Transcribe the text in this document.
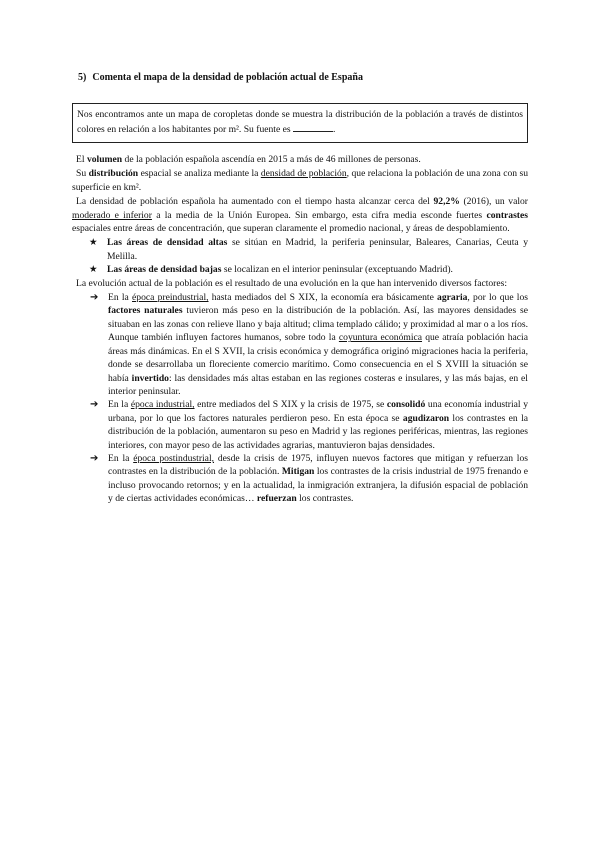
5) Comenta el mapa de la densidad de población actual de España
Nos encontramos ante un mapa de coropletas donde se muestra la distribución de la población a través de distintos colores en relación a los habitantes por m². Su fuente es	.

El volumen de la población española ascendía en 2015 a más de 46 millones de personas.

Su distribución espacial se analiza mediante la densidad de población, que relaciona la población de una zona con su superficie en km².

La densidad de población española ha aumentado con el tiempo hasta alcanzar cerca del 92,2% (2016), un valor moderado e inferior a la media de la Unión Europea. Sin embargo, esta cifra media esconde fuertes contrastes espaciales entre áreas de concentración, que superan claramente el promedio nacional, y áreas de despoblamiento.

★ Las áreas de densidad altas se sitúan en Madrid, la periferia peninsular, Baleares, Canarias, Ceuta y Melilla.
★ Las áreas de densidad bajas se localizan en el interior peninsular (exceptuando Madrid).

La evolución actual de la población es el resultado de una evolución en la que han intervenido diversos factores:

➔ En la época preindustrial, hasta mediados del S XIX, la economía era básicamente agraria, por lo que los factores naturales tuvieron más peso en la distribución de la población. Así, las mayores densidades se situaban en las zonas con relieve llano y baja altitud; clima templado cálido; y proximidad al mar o a los ríos. Aunque también influyen factores humanos, sobre todo la coyuntura económica que atraía población hacia áreas más dinámicas. En el S XVII, la crisis económica y demográfica originó migraciones hacia la periferia, donde se desarrollaba un floreciente comercio marítimo. Como consecuencia en el S XVIII la situación se había invertido: las densidades más altas estaban en las regiones costeras e insulares, y las más bajas, en el interior peninsular.
➔ En la época industrial, entre mediados del S XIX y la crisis de 1975, se consolidó una economía industrial y urbana, por lo que los factores naturales perdieron peso. En esta época se agudizaron los contrastes en la distribución de la población, aumentaron su peso en Madrid y las regiones periféricas, mientras, las regiones interiores, con mayor peso de las actividades agrarias, mantuvieron bajas densidades.
➔ En la época postindustrial, desde la crisis de 1975, influyen nuevos factores que mitigan y refuerzan los contrastes en la distribución de la población. Mitigan los contrastes de la crisis industrial de 1975 frenando e incluso provocando retornos; y en la actualidad, la inmigración extranjera, la difusión espacial de población y de ciertas actividades económicas… refuerzan los contrastes.
